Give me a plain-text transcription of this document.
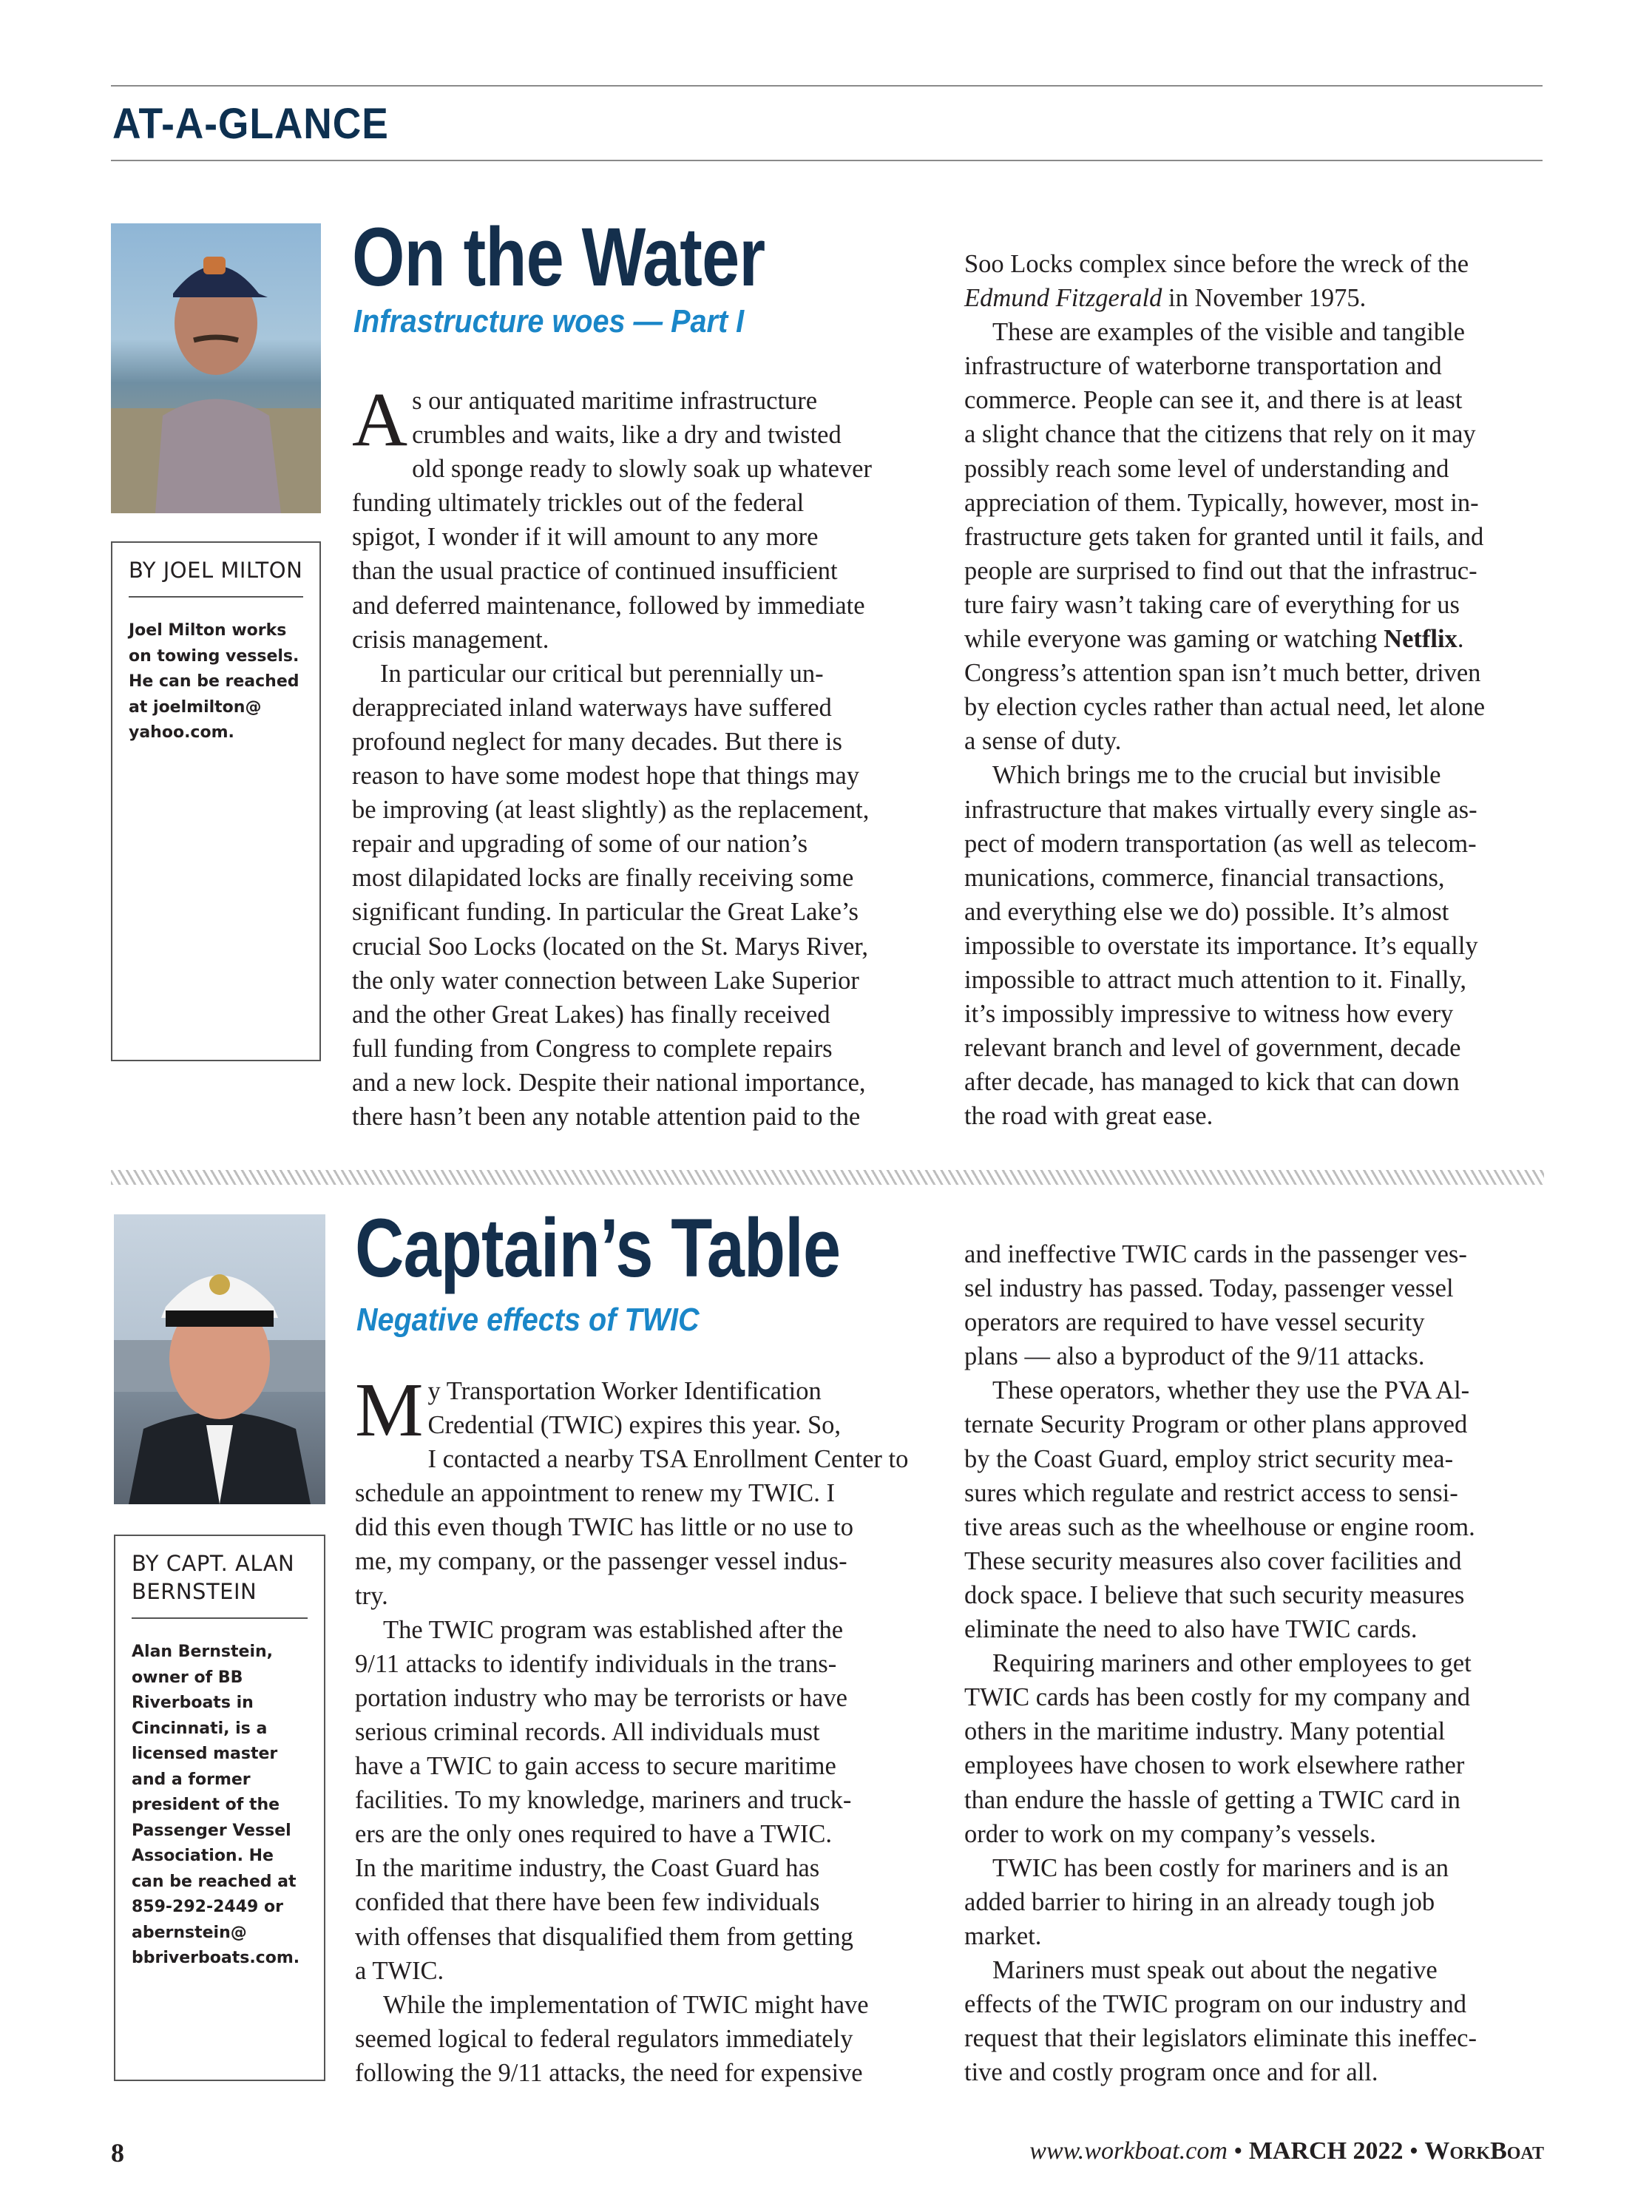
AT-A-GLANCE
BY JOEL MILTON
Joel Milton works on towing vessels. He can be reached at joelmilton@ yahoo.com.
On the Water
Infrastructure woes — Part I
A s our antiquated maritime infrastructure
crumbles and waits, like a dry and twisted
old sponge ready to slowly soak up whatever
funding ultimately trickles out of the federal
spigot, I wonder if it will amount to any more
than the usual practice of continued insufficient
and deferred maintenance, followed by immediate
crisis management.
In particular our critical but perennially un-
derappreciated inland waterways have suffered
profound neglect for many decades. But there is
reason to have some modest hope that things may
be improving (at least slightly) as the replacement,
repair and upgrading of some of our nation’s
most dilapidated locks are finally receiving some
significant funding. In particular the Great Lake’s
crucial Soo Locks (located on the St. Marys River,
the only water connection between Lake Superior
and the other Great Lakes) has finally received
full funding from Congress to complete repairs
and a new lock. Despite their national importance,
there hasn’t been any notable attention paid to the
Soo Locks complex since before the wreck of the
Edmund Fitzgerald in November 1975.
These are examples of the visible and tangible
infrastructure of waterborne transportation and
commerce. People can see it, and there is at least
a slight chance that the citizens that rely on it may
possibly reach some level of understanding and
appreciation of them. Typically, however, most in-
frastructure gets taken for granted until it fails, and
people are surprised to find out that the infrastruc-
ture fairy wasn’t taking care of everything for us
while everyone was gaming or watching Netflix.
Congress’s attention span isn’t much better, driven
by election cycles rather than actual need, let alone
a sense of duty.
Which brings me to the crucial but invisible
infrastructure that makes virtually every single as-
pect of modern transportation (as well as telecom-
munications, commerce, financial transactions,
and everything else we do) possible. It’s almost
impossible to overstate its importance. It’s equally
impossible to attract much attention to it. Finally,
it’s impossibly impressive to witness how every
relevant branch and level of government, decade
after decade, has managed to kick that can down
the road with great ease.
BY CAPT. ALAN BERNSTEIN
Alan Bernstein, owner of BB Riverboats in Cincinnati, is a licensed master and a former president of the Passenger Vessel Association. He can be reached at 859-292-2449 or abernstein@ bbriverboats.com.
Captain’s Table
Negative effects of TWIC
M y Transportation Worker Identification
Credential (TWIC) expires this year. So,
I contacted a nearby TSA Enrollment Center to
schedule an appointment to renew my TWIC. I
did this even though TWIC has little or no use to
me, my company, or the passenger vessel indus-
try.
The TWIC program was established after the
9/11 attacks to identify individuals in the trans-
portation industry who may be terrorists or have
serious criminal records. All individuals must
have a TWIC to gain access to secure maritime
facilities. To my knowledge, mariners and truck-
ers are the only ones required to have a TWIC.
In the maritime industry, the Coast Guard has
confided that there have been few individuals
with offenses that disqualified them from getting
a TWIC.
While the implementation of TWIC might have
seemed logical to federal regulators immediately
following the 9/11 attacks, the need for expensive
and ineffective TWIC cards in the passenger ves-
sel industry has passed. Today, passenger vessel
operators are required to have vessel security
plans — also a byproduct of the 9/11 attacks.
These operators, whether they use the PVA Al-
ternate Security Program or other plans approved
by the Coast Guard, employ strict security mea-
sures which regulate and restrict access to sensi-
tive areas such as the wheelhouse or engine room.
These security measures also cover facilities and
dock space. I believe that such security measures
eliminate the need to also have TWIC cards.
Requiring mariners and other employees to get
TWIC cards has been costly for my company and
others in the maritime industry. Many potential
employees have chosen to work elsewhere rather
than endure the hassle of getting a TWIC card in
order to work on my company’s vessels.
TWIC has been costly for mariners and is an
added barrier to hiring in an already tough job
market.
Mariners must speak out about the negative
effects of the TWIC program on our industry and
request that their legislators eliminate this ineffec-
tive and costly program once and for all.
8	www.workboat.com • MARCH 2022 • WorkBoat
